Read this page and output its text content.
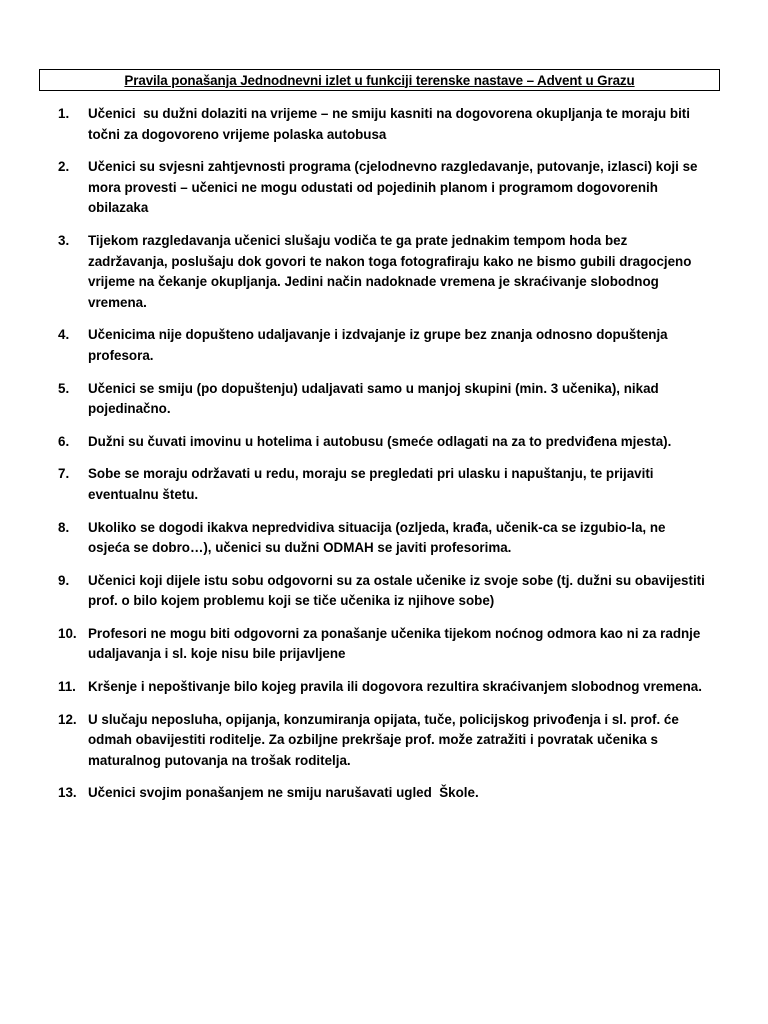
Pravila ponašanja Jednodnevni izlet u funkciji terenske nastave – Advent u Grazu
1.	Učenici  su dužni dolaziti na vrijeme – ne smiju kasniti na dogovorena okupljanja te moraju biti točni za dogovoreno vrijeme polaska autobusa
2.	Učenici su svjesni zahtjevnosti programa (cjelodnevno razgledavanje, putovanje, izlasci) koji se mora provesti – učenici ne mogu odustati od pojedinih planom i programom dogovorenih obilazaka
3.	Tijekom razgledavanja učenici slušaju vodiča te ga prate jednakim tempom hoda bez zadržavanja, poslušaju dok govori te nakon toga fotografiraju kako ne bismo gubili dragocjeno vrijeme na čekanje okupljanja. Jedini način nadoknade vremena je skraćivanje slobodnog vremena.
4.	Učenicima nije dopušteno udaljavanje i izdvajanje iz grupe bez znanja odnosno dopuštenja profesora.
5.	Učenici se smiju (po dopuštenju) udaljavati samo u manjoj skupini (min. 3 učenika), nikad pojedinačno.
6.	Dužni su čuvati imovinu u hotelima i autobusu (smeće odlagati na za to predviđena mjesta).
7.	Sobe se moraju održavati u redu, moraju se pregledati pri ulasku i napuštanju, te prijaviti eventualnu štetu.
8.	Ukoliko se dogodi ikakva nepredvidiva situacija (ozljeda, krađa, učenik-ca se izgubio-la, ne osjeća se dobro…), učenici su dužni ODMAH se javiti profesorima.
9.	Učenici koji dijele istu sobu odgovorni su za ostale učenike iz svoje sobe (tj. dužni su obavijestiti prof. o bilo kojem problemu koji se tiče učenika iz njihove sobe)
10. Profesori ne mogu biti odgovorni za ponašanje učenika tijekom noćnog odmora kao ni za radnje udaljavanja i sl. koje nisu bile prijavljene
11. Kršenje i nepoštivanje bilo kojeg pravila ili dogovora rezultira skraćivanjem slobodnog vremena.
12. U slučaju neposluha, opijanja, konzumiranja opijata, tuče, policijskog privođenja i sl. prof. će odmah obavijestiti roditelje. Za ozbiljne prekršaje prof. može zatražiti i povratak učenika s maturalnog putovanja na trošak roditelja.
13. Učenici svojim ponašanjem ne smiju narušavati ugled  Škole.
